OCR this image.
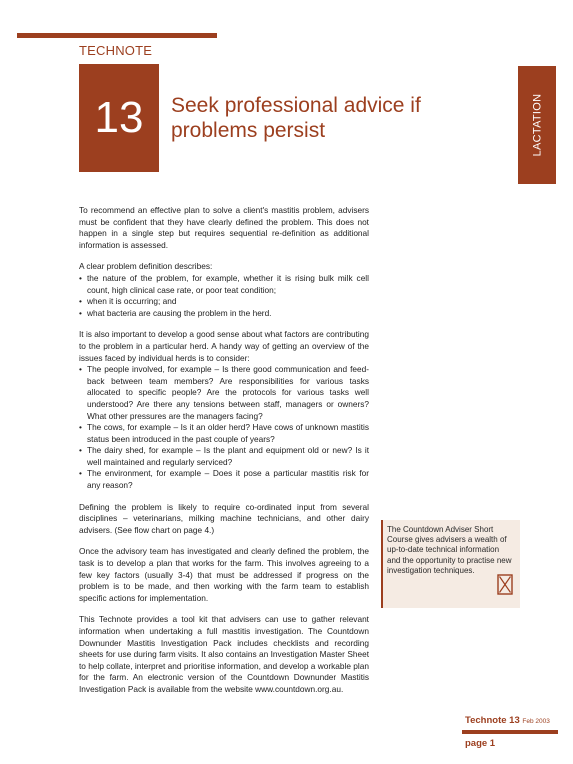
TECHNOTE
13 Seek professional advice if problems persist	LACTATION

To recommend an effective plan to solve a client's mastitis problem, advisers must be confident that they have clearly defined the problem. This does not happen in a single step but requires sequential re-definition as additional information is assessed.

A clear problem definition describes:

• the nature of the problem, for example, whether it is rising bulk milk cell count, high clinical case rate, or poor teat condition;
• when it is occurring; and
• what bacteria are causing the problem in the herd.

It is also important to develop a good sense about what factors are contributing to the problem in a particular herd. A handy way of getting an overview of the issues faced by individual herds is to consider:

• The people involved, for example – Is there good communication and feed-back between team members? Are responsibilities for various tasks allocated to specific people? Are the protocols for various tasks well understood? Are there any tensions between staff, managers or owners? What other pressures are the managers facing?
• The cows, for example – Is it an older herd? Have cows of unknown mastitis status been introduced in the past couple of years?
• The dairy shed, for example – Is the plant and equipment old or new? Is it well maintained and regularly serviced?
• The environment, for example – Does it pose a particular mastitis risk for any reason?

Defining the problem is likely to require co-ordinated input from several disciplines – veterinarians, milking machine technicians, and other dairy advisers. (See flow chart on page 4.)

Once the advisory team has investigated and clearly defined the problem, the task is to develop a plan that works for the farm. This involves agreeing to a few key factors (usually 3-4) that must be addressed if progress on the problem is to be made, and then working with the farm team to establish specific actions for implementation.

This Technote provides a tool kit that advisers can use to gather relevant information when undertaking a full mastitis investigation. The Countdown Downunder Mastitis Investigation Pack includes checklists and recording sheets for use during farm visits. It also contains an Investigation Master Sheet to help collate, interpret and prioritise information, and develop a workable plan for the farm. An electronic version of the Countdown Downunder Mastitis Investigation Pack is available from the website www.countdown.org.au.

The Countdown Adviser Short Course gives advisers a wealth of up-to-date technical information and the opportunity to practise new investigation techniques.
Technote 13 Feb 2003
page 1
